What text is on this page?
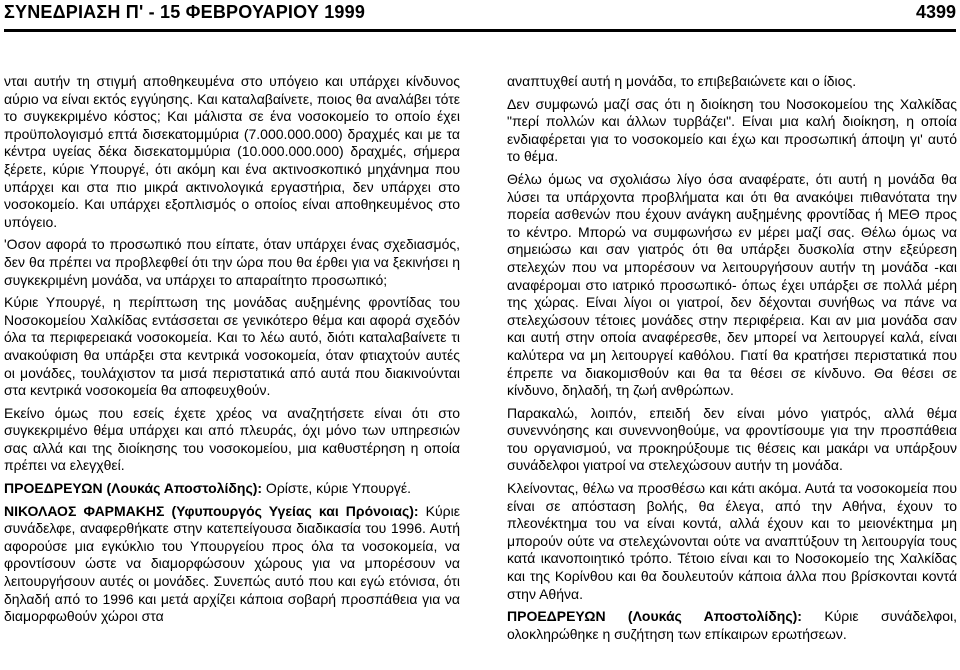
ΣΥΝΕΔΡΙΑΣΗ Π' - 15 ΦΕΒΡΟΥΑΡΙΟΥ 1999	4399

νται αυτήν τη στιγμή αποθηκευμένα στο υπόγειο και υπάρχει κίνδυνος αύριο να είναι εκτός εγγύησης. Και καταλαβαίνετε, ποιος θα αναλάβει τότε το συγκεκριμένο κόστος; Και μάλιστα σε ένα νοσοκομείο το οποίο έχει προϋπολογισμό επτά δισεκατομμύρια (7.000.000.000) δραχμές και με τα κέντρα υγείας δέκα δισεκατομμύρια (10.000.000.000) δραχμές, σήμερα ξέρετε, κύριε Υπουργέ, ότι ακόμη και ένα ακτινοσκοπικό μηχάνημα που υπάρχει και στα πιο μικρά ακτινολογικά εργαστήρια, δεν υπάρχει στο νοσοκομείο. Και υπάρχει εξοπλισμός ο οποίος είναι αποθηκευμένος στο υπόγειο.

'Οσον αφορά το προσωπικό που είπατε, όταν υπάρχει ένας σχεδιασμός, δεν θα πρέπει να προβλεφθεί ότι την ώρα που θα έρθει για να ξεκινήσει η συγκεκριμένη μονάδα, να υπάρχει το απαραίτητο προσωπικό;

Κύριε Υπουργέ, η περίπτωση της μονάδας αυξημένης φροντίδας του Νοσοκομείου Χαλκίδας εντάσσεται σε γενικότερο θέμα και αφορά σχεδόν όλα τα περιφερειακά νοσοκομεία. Και το λέω αυτό, διότι καταλαβαίνετε τι ανακούφιση θα υπάρξει στα κεντρικά νοσοκομεία, όταν φτιαχτούν αυτές οι μονάδες, τουλάχιστον τα μισά περιστατικά από αυτά που διακινούνται στα κεντρικά νοσοκομεία θα αποφευχθούν.

Εκείνο όμως που εσείς έχετε χρέος να αναζητήσετε είναι ότι στο συγκεκριμένο θέμα υπάρχει και από πλευράς, όχι μόνο των υπηρεσιών σας αλλά και της διοίκησης του νοσοκομείου, μια καθυστέρηση η οποία πρέπει να ελεγχθεί.

ΠΡΟΕΔΡΕΥΩΝ (Λουκάς Αποστολίδης): Ορίστε, κύριε Υπουργέ.

ΝΙΚΟΛΑΟΣ ΦΑΡΜΑΚΗΣ (Υφυπουργός Υγείας και Πρόνοιας): Κύριε συνάδελφε, αναφερθήκατε στην κατεπείγουσα διαδικασία του 1996. Αυτή αφορούσε μια εγκύκλιο του Υπουργείου προς όλα τα νοσοκομεία, να φροντίσουν ώστε να διαμορφώσουν χώρους για να μπορέσουν να λειτουργήσουν αυτές οι μονάδες. Συνεπώς αυτό που και εγώ ετόνισα, ότι δηλαδή από το 1996 και μετά αρχίζει κάποια σοβαρή προσπάθεια για να διαμορφωθούν χώροι στα

αναπτυχθεί αυτή η μονάδα, το επιβεβαιώνετε και ο ίδιος.

Δεν συμφωνώ μαζί σας ότι η διοίκηση του Νοσοκομείου της Χαλκίδας "περί πολλών και άλλων τυρβάζει". Είναι μια καλή διοίκηση, η οποία ενδιαφέρεται για το νοσοκομείο και έχω και προσωπική άποψη γι' αυτό το θέμα.

Θέλω όμως να σχολιάσω λίγο όσα αναφέρατε, ότι αυτή η μονάδα θα λύσει τα υπάρχοντα προβλήματα και ότι θα ανακόψει πιθανότατα την πορεία ασθενών που έχουν ανάγκη αυξημένης φροντίδας ή ΜΕΘ προς το κέντρο. Μπορώ να συμφωνήσω εν μέρει μαζί σας. Θέλω όμως να σημειώσω και σαν γιατρός ότι θα υπάρξει δυσκολία στην εξεύρεση στελεχών που να μπορέσουν να λειτουργήσουν αυτήν τη μονάδα -και αναφέρομαι στο ιατρικό προσωπικό- όπως έχει υπάρξει σε πολλά μέρη της χώρας. Είναι λίγοι οι γιατροί, δεν δέχονται συνήθως να πάνε να στελεχώσουν τέτοιες μονάδες στην περιφέρεια. Και αν μια μονάδα σαν και αυτή στην οποία αναφέρεσθε, δεν μπορεί να λειτουργεί καλά, είναι καλύτερα να μη λειτουργεί καθόλου. Γιατί θα κρατήσει περιστατικά που έπρεπε να διακομισθούν και θα τα θέσει σε κίνδυνο. Θα θέσει σε κίνδυνο, δηλαδή, τη ζωή ανθρώπων.

Παρακαλώ, λοιπόν, επειδή δεν είναι μόνο γιατρός, αλλά θέμα συνεννόησης και συνεννοηθούμε, να φροντίσουμε για την προσπάθεια του οργανισμού, να προκηρύξουμε τις θέσεις και μακάρι να υπάρξουν συνάδελφοι γιατροί να στελεχώσουν αυτήν τη μονάδα.

Κλείνοντας, θέλω να προσθέσω και κάτι ακόμα. Αυτά τα νοσοκομεία που είναι σε απόσταση βολής, θα έλεγα, από την Αθήνα, έχουν το πλεονέκτημα του να είναι κοντά, αλλά έχουν και το μειονέκτημα μη μπορούν ούτε να στελεχώνονται ούτε να αναπτύξουν τη λειτουργία τους κατά ικανοποιητικό τρόπο. Τέτοιο είναι και το Νοσοκομείο της Χαλκίδας και της Κορίνθου και θα δουλευτούν κάποια άλλα που βρίσκονται κοντά στην Αθήνα.

ΠΡΟΕΔΡΕΥΩΝ (Λουκάς Αποστολίδης): Κύριε συνάδελφοι, ολοκληρώθηκε η συζήτηση των επίκαιρων ερωτήσεων.
